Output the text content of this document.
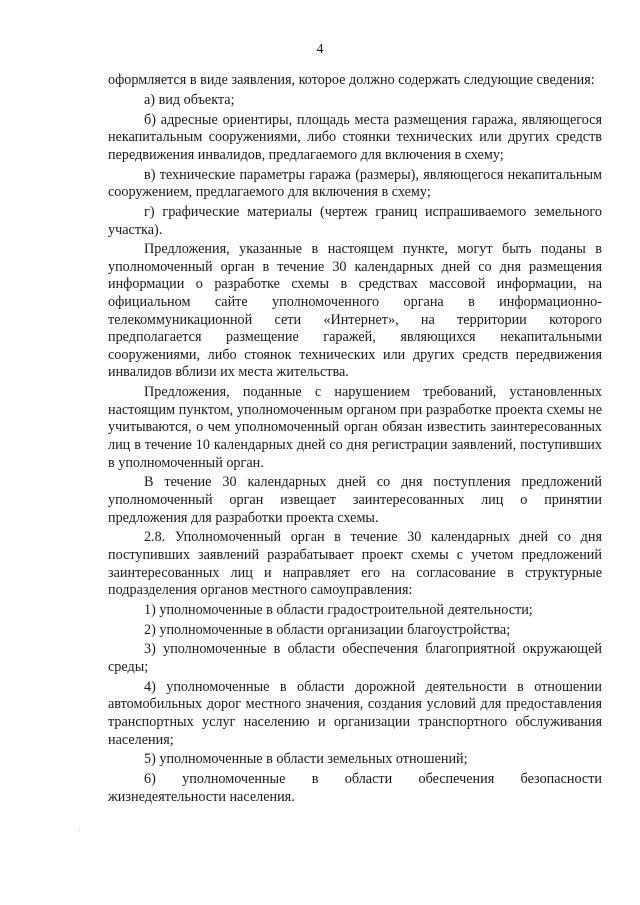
4

оформляется в виде заявления, которое должно содержать следующие сведения:

а) вид объекта;

б) адресные ориентиры, площадь места размещения гаража, являющегося некапитальным сооружениями, либо стоянки технических или других средств передвижения инвалидов, предлагаемого для включения в схему;

в) технические параметры гаража (размеры), являющегося некапитальным сооружением, предлагаемого для включения в схему;

г) графические материалы (чертеж границ испрашиваемого земельного участка).

Предложения, указанные в настоящем пункте, могут быть поданы в уполномоченный орган в течение 30 календарных дней со дня размещения информации о разработке схемы в средствах массовой информации, на официальном сайте уполномоченного органа в информационно-телекоммуникационной сети «Интернет», на территории которого предполагается размещение гаражей, являющихся некапитальными сооружениями, либо стоянок технических или других средств передвижения инвалидов вблизи их места жительства.

Предложения, поданные с нарушением требований, установленных настоящим пунктом, уполномоченным органом при разработке проекта схемы не учитываются, о чем уполномоченный орган обязан известить заинтересованных лиц в течение 10 календарных дней со дня регистрации заявлений, поступивших в уполномоченный орган.

В течение 30 календарных дней со дня поступления предложений уполномоченный орган извещает заинтересованных лиц о принятии предложения для разработки проекта схемы.

2.8. Уполномоченный орган в течение 30 календарных дней со дня поступивших заявлений разрабатывает проект схемы с учетом предложений заинтересованных лиц и направляет его на согласование в структурные подразделения органов местного самоуправления:

1) уполномоченные в области градостроительной деятельности;

2) уполномоченные в области организации благоустройства;

3) уполномоченные в области обеспечения благоприятной окружающей среды;

4) уполномоченные в области дорожной деятельности в отношении автомобильных дорог местного значения, создания условий для предоставления транспортных услуг населению и организации транспортного обслуживания населения;

5) уполномоченные в области земельных отношений;

6) уполномоченные в области обеспечения безопасности жизнедеятельности населения.
